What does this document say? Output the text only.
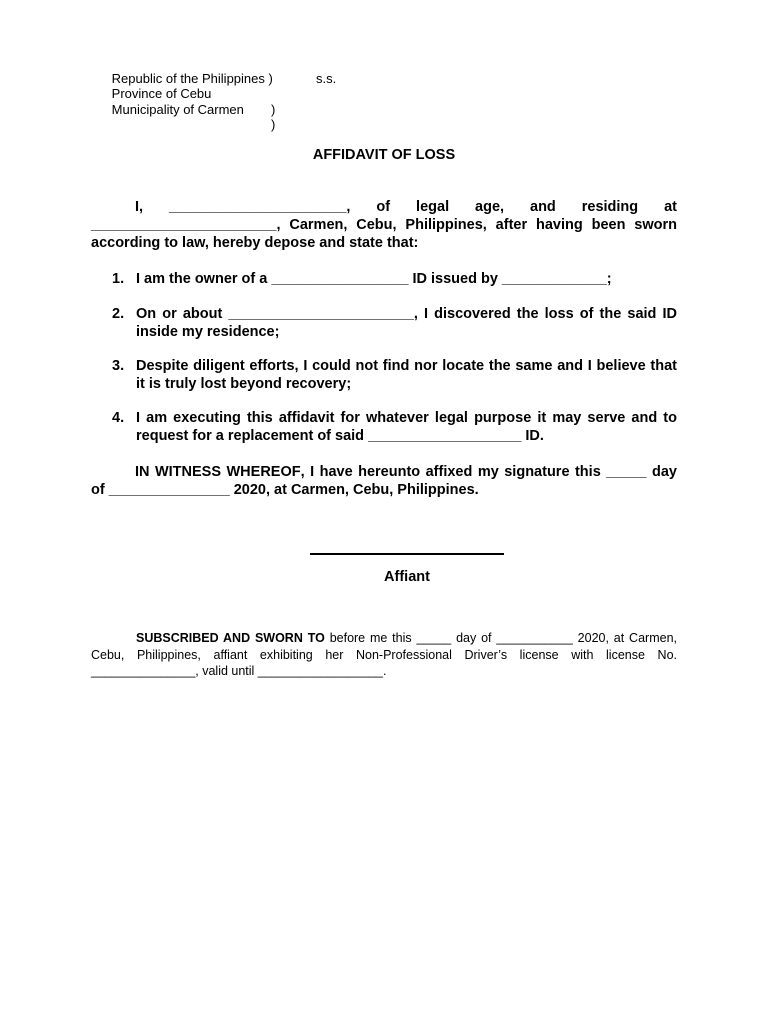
Republic of the Philippines )

Province of Cebu

)

s.s.

Municipality of Carmen

)

AFFIDAVIT OF LOSS
I, ______________________, of legal age, and residing at _______________________, Carmen, Cebu, Philippines, after having been sworn according to law, hereby depose and state that:
1. I am the owner of a _________________ ID issued by _____________;
2. On or about _______________________, I discovered the loss of the said ID inside my residence;
3. Despite diligent efforts, I could not find nor locate the same and I believe that it is truly lost beyond recovery;
4. I am executing this affidavit for whatever legal purpose it may serve and to request for a replacement of said ___________________ ID.
IN WITNESS WHEREOF, I have hereunto affixed my signature this _____ day of _______________ 2020, at Carmen, Cebu, Philippines.
Affiant
SUBSCRIBED AND SWORN TO before me this _____ day of ___________ 2020, at Carmen, Cebu, Philippines, affiant exhibiting her Non-Professional Driver’s license with license No. _______________, valid until __________________.
